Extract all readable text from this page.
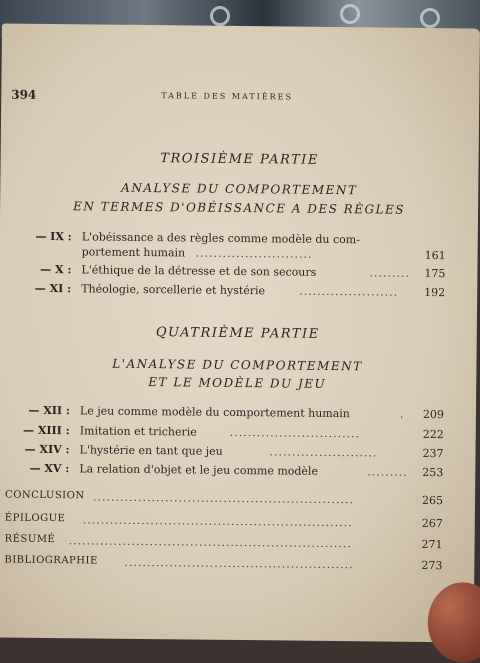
394	TABLE DES MATIÈRES
TROISIÈME PARTIE
ANALYSE DU COMPORTEMENT
EN TERMES D'OBÉISSANCE A DES RÈGLES
— IX : L'obéissance a des règles comme modèle du com-
portement humain ..........................	161
— X : L'éthique de la détresse et de son secours	......... 175
— XI : Théologie, sorcellerie et hystérie	...................... 192
QUATRIÈME PARTIE
L'ANALYSE DU COMPORTEMENT
ET LE MODÈLE DU JEU
— XII : Le jeu comme modèle du comportement humain	. 209
— XIII : Imitation et tricherie	.............................	222
— XIV : L'hystérie en tant que jeu	........................	237
— XV : La relation d'objet et le jeu comme modèle	......... 253
CONCLUSION ..........................................................	265
ÉPILOGUE ............................................................	267
RÉSUMÉ ...............................................................	271
BIBLIOGRAPHIE ...................................................	273
